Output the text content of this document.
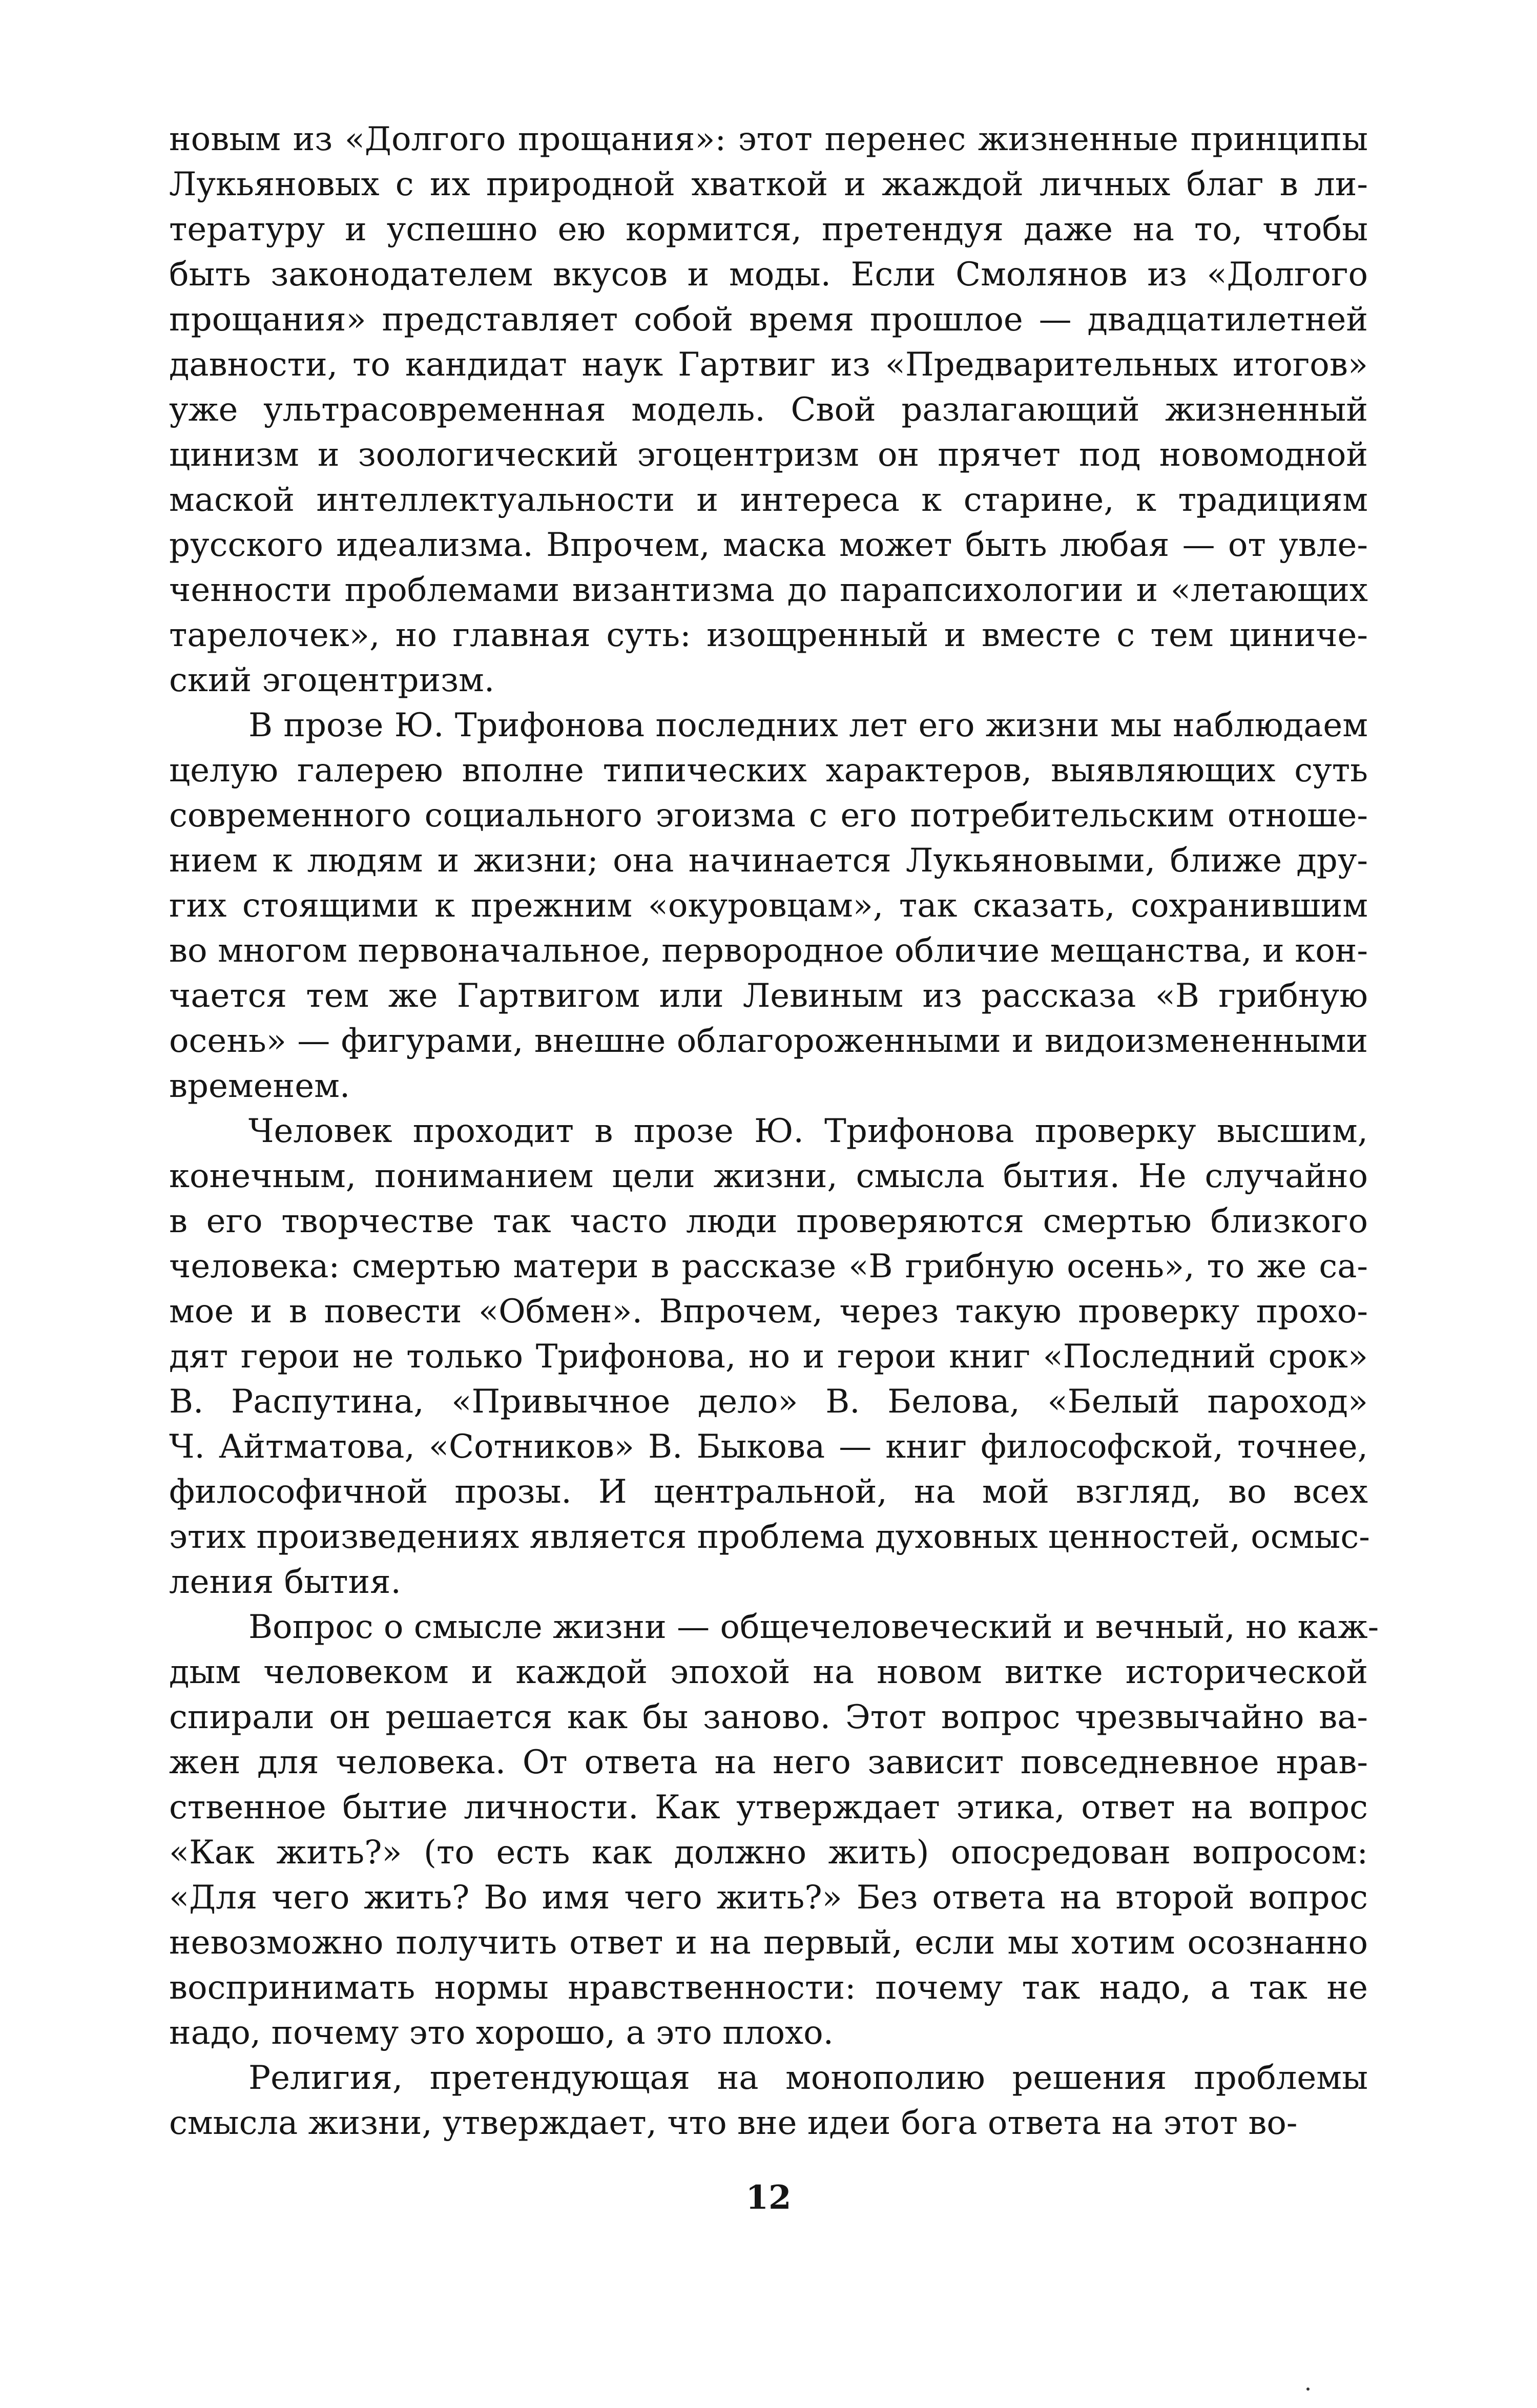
новым из «Долгого прощания»: этот перенес жизненные принципы
Лукьяновых с их природной хваткой и жаждой личных благ в ли-
тературу и успешно ею кормится, претендуя даже на то, чтобы
быть законодателем вкусов и моды. Если Смолянов из «Долгого
прощания» представляет собой время прошлое — двадцатилетней
давности, то кандидат наук Гартвиг из «Предварительных итогов»
уже ультрасовременная модель. Свой разлагающий жизненный
цинизм и зоологический эгоцентризм он прячет под новомодной
маской интеллектуальности и интереса к старине, к традициям
русского идеализма. Впрочем, маска может быть любая — от увле-
ченности проблемами византизма до парапсихологии и «летающих
тарелочек», но главная суть: изощренный и вместе с тем циниче-
ский эгоцентризм.
В прозе Ю. Трифонова последних лет его жизни мы наблюдаем
целую галерею вполне типических характеров, выявляющих суть
современного социального эгоизма с его потребительским отноше-
нием к людям и жизни; она начинается Лукьяновыми, ближе дру-
гих стоящими к прежним «окуровцам», так сказать, сохранившим
во многом первоначальное, первородное обличие мещанства, и кон-
чается тем же Гартвигом или Левиным из рассказа «В грибную
осень» — фигурами, внешне облагороженными и видоизмененными
временем.
Человек проходит в прозе Ю. Трифонова проверку высшим,
конечным, пониманием цели жизни, смысла бытия. Не случайно
в его творчестве так часто люди проверяются смертью близкого
человека: смертью матери в рассказе «В грибную осень», то же са-
мое и в повести «Обмен». Впрочем, через такую проверку прохо-
дят герои не только Трифонова, но и герои книг «Последний срок»
В. Распутина, «Привычное дело» В. Белова, «Белый пароход»
Ч. Айтматова, «Сотников» В. Быкова — книг философской, точнее,
философичной прозы. И центральной, на мой взгляд, во всех
этих произведениях является проблема духовных ценностей, осмыс-
ления бытия.
Вопрос о смысле жизни — общечеловеческий и вечный, но каж-
дым человеком и каждой эпохой на новом витке исторической
спирали он решается как бы заново. Этот вопрос чрезвычайно ва-
жен для человека. От ответа на него зависит повседневное нрав-
ственное бытие личности. Как утверждает этика, ответ на вопрос
«Как жить?» (то есть как должно жить) опосредован вопросом:
«Для чего жить? Во имя чего жить?» Без ответа на второй вопрос
невозможно получить ответ и на первый, если мы хотим осознанно
воспринимать нормы нравственности: почему так надо, а так не
надо, почему это хорошо, а это плохо.
Религия, претендующая на монополию решения проблемы
смысла жизни, утверждает, что вне идеи бога ответа на этот во-
12
